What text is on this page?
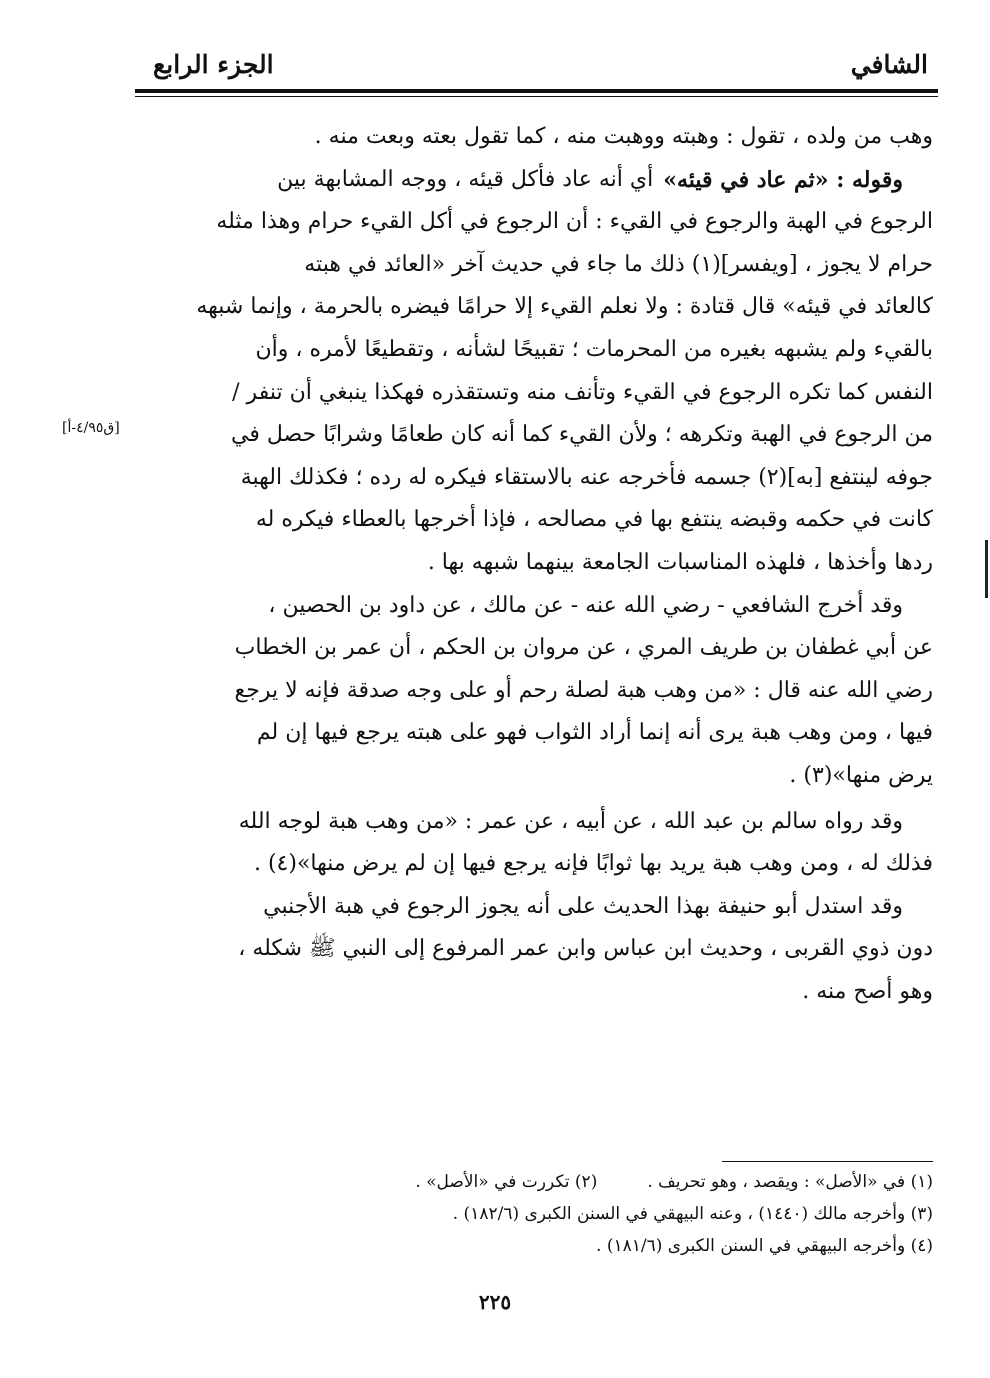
الشافي
الجزء الرابع
[ق٤/٩٥-أ]
وهب من ولده ، تقول : وهبته ووهبت منه ، كما تقول بعته وبعت منه .
وقوله : «ثم عاد في قيئه»
أي أنه عاد فأكل قيئه ، ووجه المشابهة بين
الرجوع في الهبة والرجوع في القيء : أن الرجوع في أكل القيء حرام وهذا مثله
حرام لا يجوز ، [ويفسر](١) ذلك ما جاء في حديث آخر «العائد في هبته
كالعائد في قيئه» قال قتادة : ولا نعلم القيء إلا حرامًا فيضره بالحرمة ، وإنما شبهه
بالقيء ولم يشبهه بغيره من المحرمات ؛ تقبيحًا لشأنه ، وتقطيعًا لأمره ، وأن
النفس كما تكره الرجوع في القيء وتأنف منه وتستقذره فهكذا ينبغي أن تنفر /
من الرجوع في الهبة وتكرهه ؛ ولأن القيء كما أنه كان طعامًا وشرابًا حصل في
جوفه لينتفع [به](٢) جسمه فأخرجه عنه بالاستقاء فيكره له رده ؛ فكذلك الهبة
كانت في حكمه وقبضه ينتفع بها في مصالحه ، فإذا أخرجها بالعطاء فيكره له
ردها وأخذها ، فلهذه المناسبات الجامعة بينهما شبهه بها .
وقد أخرج الشافعي - رضي الله عنه - عن مالك ، عن داود بن الحصين ،
عن أبي غطفان بن طريف المري ، عن مروان بن الحكم ، أن عمر بن الخطاب
رضي الله عنه قال : «من وهب هبة لصلة رحم أو على وجه صدقة فإنه لا يرجع
فيها ، ومن وهب هبة يرى أنه إنما أراد الثواب فهو على هبته يرجع فيها إن لم
يرض منها»(٣) .
وقد رواه سالم بن عبد الله ، عن أبيه ، عن عمر : «من وهب هبة لوجه الله
فذلك له ، ومن وهب هبة يريد بها ثوابًا فإنه يرجع فيها إن لم يرض منها»(٤) .
وقد استدل أبو حنيفة بهذا الحديث على أنه يجوز الرجوع في هبة الأجنبي
دون ذوي القربى ، وحديث ابن عباس وابن عمر المرفوع إلى النبي ﷺ شكله ،
وهو أصح منه .
(١) في «الأصل» : ويقصد ، وهو تحريف .(٢) تكررت في «الأصل» .
(٣) وأخرجه مالك (١٤٤٠) ، وعنه البيهقي في السنن الكبرى (١٨٢/٦) .
(٤) وأخرجه البيهقي في السنن الكبرى (١٨١/٦) .
٢٢٥
